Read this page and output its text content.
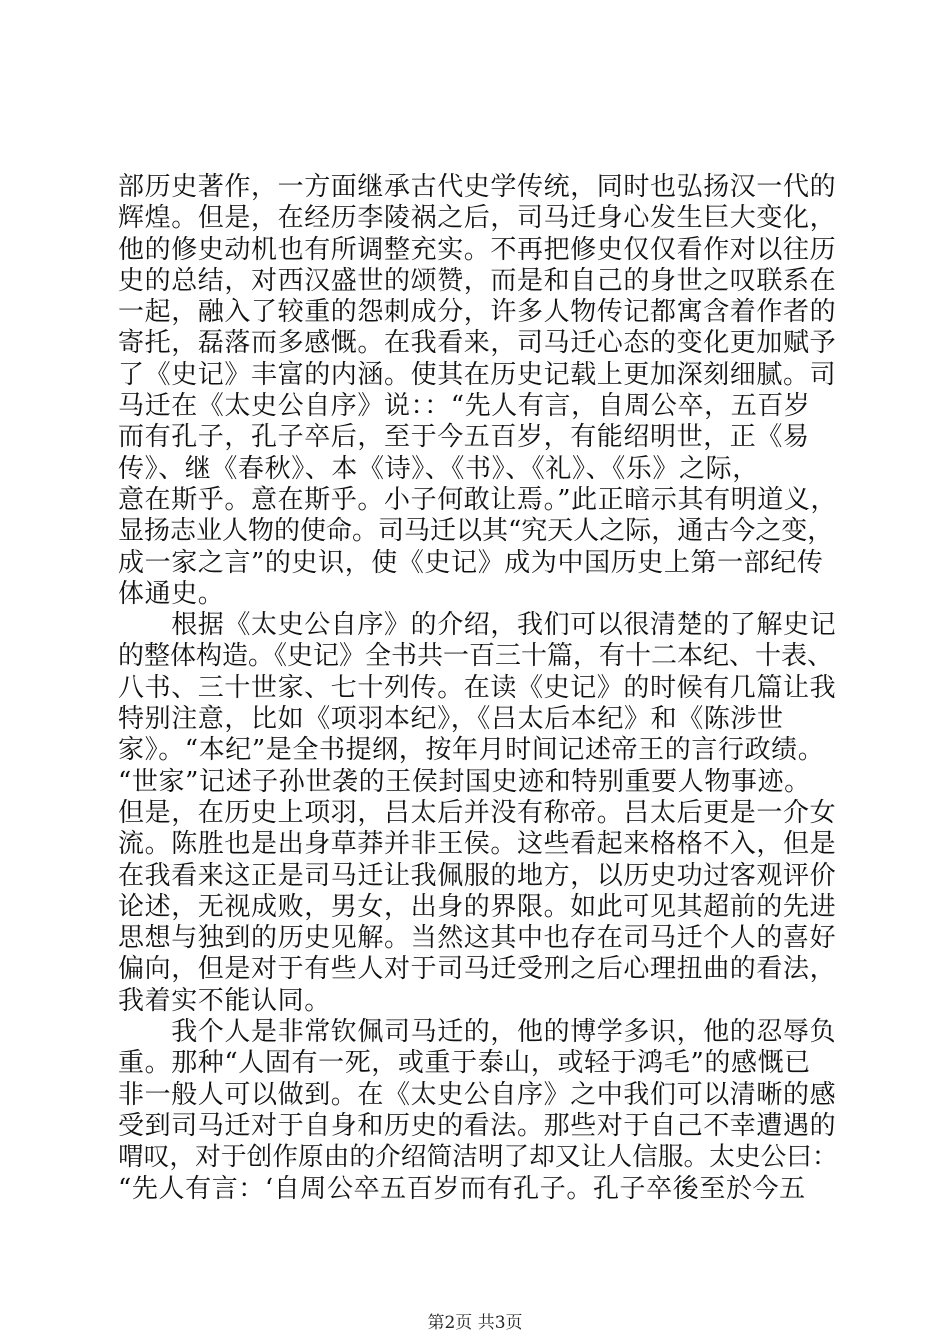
部历史著作，一方面继承古代史学传统，同时也弘扬汉一代的
辉煌。但是，在经历李陵祸之后，司马迁身心发生巨大变化，
他的修史动机也有所调整充实。不再把修史仅仅看作对以往历
史的总结，对西汉盛世的颂赞，而是和自己的身世之叹联系在
一起，融入了较重的怨刺成分，许多人物传记都寓含着作者的
寄托，磊落而多感慨。在我看来，司马迁心态的变化更加赋予
了《史记》丰富的内涵。使其在历史记载上更加深刻细腻。司
马迁在《太史公自序》说：：“先人有言，自周公卒，五百岁
而有孔子，孔子卒后，至于今五百岁，有能绍明世，正《易
传》、继《春秋》、本《诗》、《书》、《礼》、《乐》之际，
意在斯乎。意在斯乎。小子何敢让焉。”此正暗示其有明道义，
显扬志业人物的使命。司马迁以其“究天人之际，通古今之变，
成一家之言”的史识，使《史记》成为中国历史上第一部纪传
体通史。
　　根据《太史公自序》的介绍，我们可以很清楚的了解史记
的整体构造。《史记》全书共一百三十篇，有十二本纪、十表、
八书、三十世家、七十列传。在读《史记》的时候有几篇让我
特别注意，比如《项羽本纪》，《吕太后本纪》和《陈涉世
家》。“本纪”是全书提纲，按年月时间记述帝王的言行政绩。
“世家”记述子孙世袭的王侯封国史迹和特别重要人物事迹。
但是，在历史上项羽，吕太后并没有称帝。吕太后更是一介女
流。陈胜也是出身草莽并非王侯。这些看起来格格不入，但是
在我看来这正是司马迁让我佩服的地方，以历史功过客观评价
论述，无视成败，男女，出身的界限。如此可见其超前的先进
思想与独到的历史见解。当然这其中也存在司马迁个人的喜好
偏向，但是对于有些人对于司马迁受刑之后心理扭曲的看法，
我着实不能认同。
　　我个人是非常钦佩司马迁的，他的博学多识，他的忍辱负
重。那种“人固有一死，或重于泰山，或轻于鸿毛”的感慨已
非一般人可以做到。在《太史公自序》之中我们可以清晰的感
受到司马迁对于自身和历史的看法。那些对于自己不幸遭遇的
喟叹，对于创作原由的介绍简洁明了却又让人信服。太史公曰：
“先人有言：‘自周公卒五百岁而有孔子。孔子卒後至於今五
第2页 共3页
